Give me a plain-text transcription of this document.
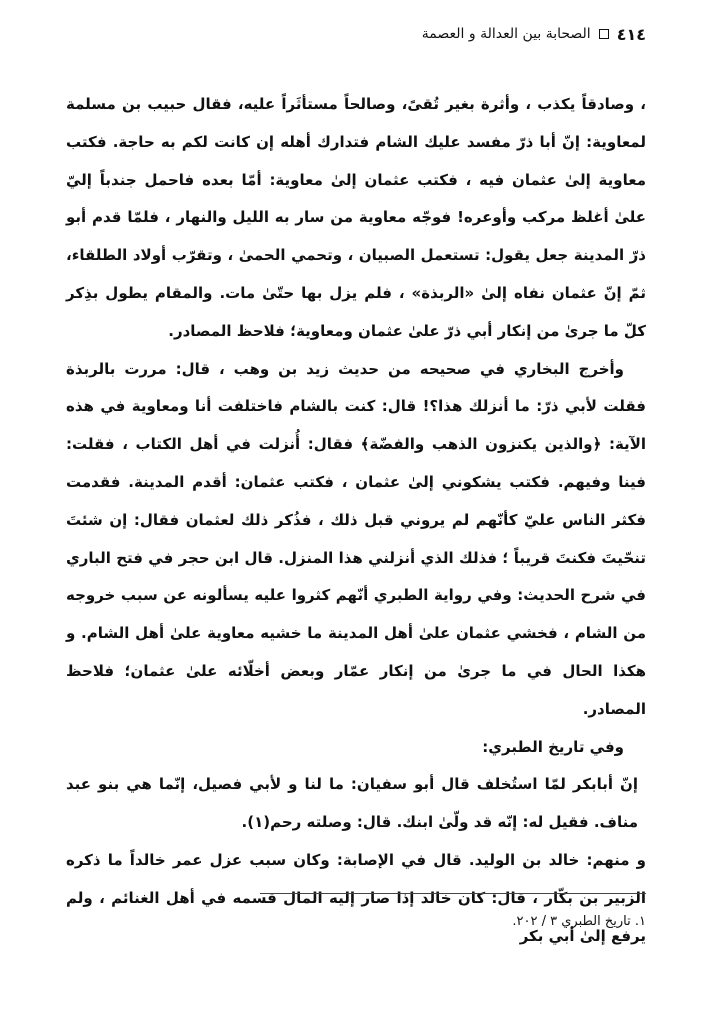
٤١٤
الصحابة بين العدالة و العصمة

، وصادقاً يكذب ، وأثرة بغير تُقىً، وصالحاً مستأثَراً عليه، فقال حبيب بن مسلمة لمعاوية: إنّ أبا ذرّ مفسد عليك الشام فتدارك أهله إن كانت لكم به حاجة. فكتب معاوية إلىٰ عثمان فيه ، فكتب عثمان إلىٰ معاوية: أمّا بعده فاحمل جندباً إليّ علىٰ أغلظ مركب وأوعره! فوجّه معاوية من سار به الليل والنهار ، فلمّا قدم أبو ذرّ المدينة جعل يقول: تستعمل الصبيان ، وتحمي الحمىٰ ، وتقرّب أولاد الطلقاء، ثمّ إنّ عثمان نفاه إلىٰ «الربذة» ، فلم يزل بها حتّىٰ مات. والمقام يطول بذِكر كلّ ما جرىٰ من إنكار أبي ذرّ علىٰ عثمان ومعاوية؛ فلاحظ المصادر.

وأخرج البخاري في صحيحه من حديث زيد بن وهب ، قال: مررت بالربذة فقلت لأبي ذرّ: ما أنزلك هذا؟! قال: كنت بالشام فاختلفت أنا ومعاوية في هذه الآية: ﴿والذين يكنزون الذهب والفضّة﴾ فقال: أُنزلت في أهل الكتاب ، فقلت: فينا وفيهم. فكتب يشكوني إلىٰ عثمان ، فكتب عثمان: أقدم المدينة. فقدمت فكثر الناس عليّ كأنّهم لم يروني قبل ذلك ، فذُكر ذلك لعثمان فقال: إن شئتَ تنحّيتَ فكنتَ قريباً ؛ فذلك الذي أنزلني هذا المنزل. قال ابن حجر في فتح الباري في شرح الحديث: وفي رواية الطبري أنّهم كثروا عليه يسألونه عن سبب خروجه من الشام ، فخشي عثمان علىٰ أهل المدينة ما خشيه معاوية علىٰ أهل الشام. و هكذا الحال في ما جرىٰ من إنكار عمّار وبعض أخلّائه علىٰ عثمان؛ فلاحظ المصادر.

وفي تاريخ الطبري:

إنّ أبابكر لمّا استُخلف قال أبو سفيان: ما لنا و لأبي فصيل، إنّما هي بنو عبد مناف. فقيل له: إنّه قد ولّىٰ ابنك. قال: وصلته رحم(١).

و منهم: خالد بن الوليد. قال في الإصابة: وكان سبب عزل عمر خالداً ما ذكره الزبير بن بكّار ، قال: كان خالد إذا صار إليه المال قسمه في أهل الغنائم ، ولم يرفع إلىٰ أبي بكر

١. تاريخ الطبري ٣ / ٢٠٢.
